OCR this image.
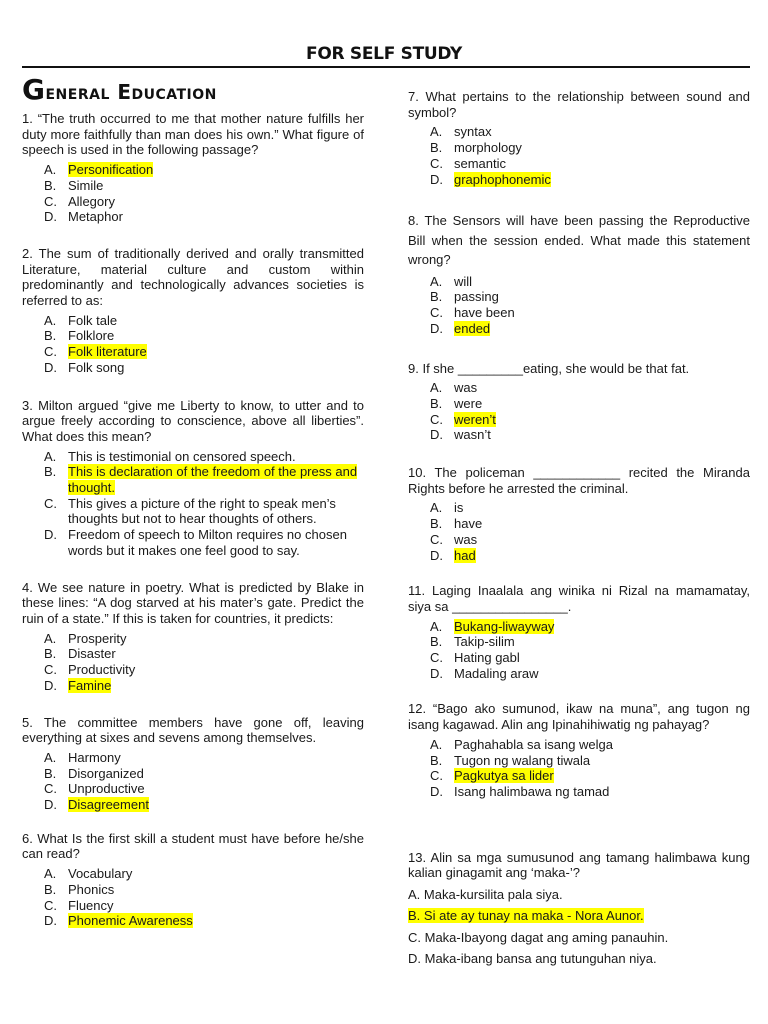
FOR SELF STUDY
General Education

1. “The truth occurred to me that mother nature fulfills her duty more faithfully than man does his own.” What figure of speech is used in the following passage?

A. Personification
B. Simile
C. Allegory
D. Metaphor

2. The sum of traditionally derived and orally transmitted Literature, material culture and custom within predominantly and technologically advances societies is referred to as:

A. Folk tale
B. Folklore
C. Folk literature
D. Folk song

3. Milton argued “give me Liberty to know, to utter and to argue freely according to conscience, above all liberties”. What does this mean?

A. This is testimonial on censored speech.
B. This is declaration of the freedom of the press and thought.
C. This gives a picture of the right to speak men’s thoughts but not to hear thoughts of others.
D. Freedom of speech to Milton requires no chosen words but it makes one feel good to say.

4. We see nature in poetry. What is predicted by Blake in these lines: “A dog starved at his mater’s gate. Predict the ruin of a state.” If this is taken for countries, it predicts:

A. Prosperity
B. Disaster
C. Productivity
D. Famine

5. The committee members have gone off, leaving everything at sixes and sevens among themselves.

A. Harmony
B. Disorganized
C. Unproductive
D. Disagreement

6. What Is the first skill a student must have before he/she can read?

A. Vocabulary
B. Phonics
C. Fluency
D. Phonemic Awareness

7. What pertains to the relationship between sound and symbol?

A. syntax
B. morphology
C. semantic
D. graphophonemic

8. The Sensors will have been passing the Reproductive Bill when the session ended. What made this statement wrong?

A. will
B. passing
C. have been
D. ended

9. If she _________eating, she would be that fat.

A. was
B. were
C. weren’t
D. wasn’t

10. The policeman ____________ recited the Miranda Rights before he arrested the criminal.

A. is
B. have
C. was
D. had

11. Laging Inaalala ang winika ni Rizal na mamamatay, siya sa ________________.

A. Bukang-liwayway
B. Takip-silim
C. Hating gabl
D. Madaling araw

12. “Bago ako sumunod, ikaw na muna”, ang tugon ng isang kagawad. Alin ang Ipinahihiwatig ng pahayag?

A. Paghahabla sa isang welga
B. Tugon ng walang tiwala
C. Pagkutya sa lider
D. Isang halimbawa ng tamad

13. Alin sa mga sumusunod ang tamang halimbawa kung kalian ginagamit ang ‘maka-’?

A. Maka-kursilita pala siya.
B. Si ate ay tunay na maka - Nora Aunor.
C. Maka-Ibayong dagat ang aming panauhin.
D. Maka-ibang bansa ang tutunguhan niya.
